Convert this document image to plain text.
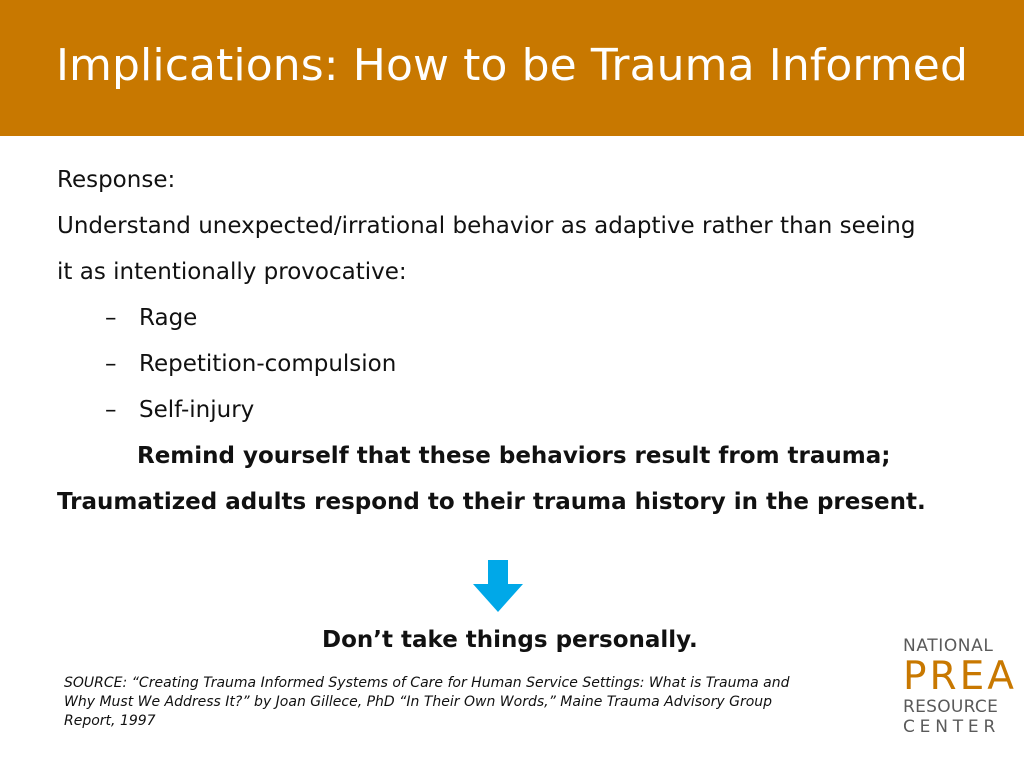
Implications: How to be Trauma Informed
Response:
Understand unexpected/irrational behavior as adaptive rather than seeing
it as intentionally provocative:
– Rage
– Repetition-compulsion
– Self-injury
Remind yourself that these behaviors result from trauma;
Traumatized adults respond to their trauma history in the present.
Don’t take things personally.
SOURCE: “Creating Trauma Informed Systems of Care for Human Service Settings: What is Trauma and Why Must We Address It?” by Joan Gillece, PhD “In Their Own Words,” Maine Trauma Advisory Group Report, 1997
NATIONAL
PREA
RESOURCE
CENTER
